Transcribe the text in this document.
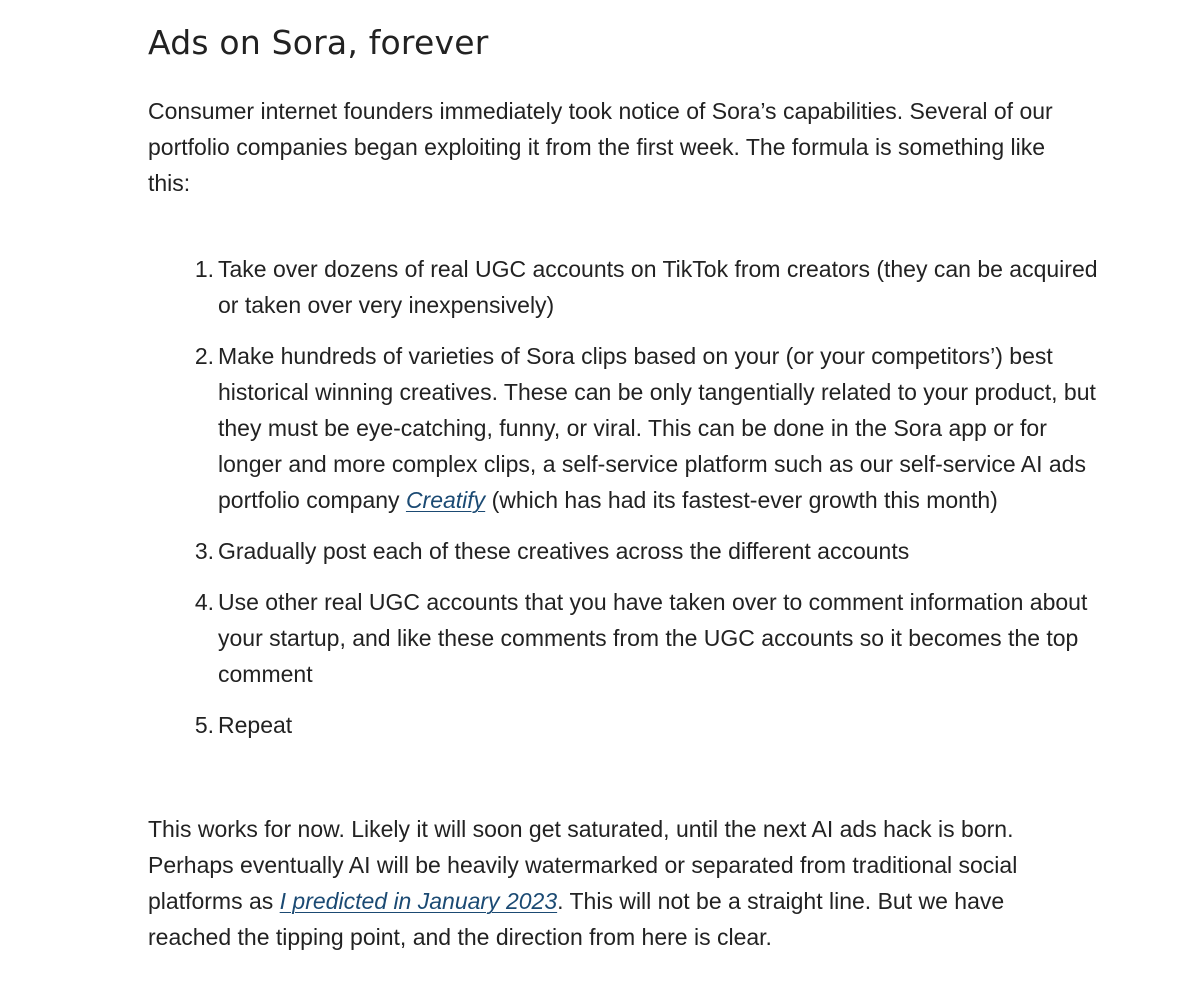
Ads on Sora, forever

Consumer internet founders immediately took notice of Sora’s capabilities. Several of our portfolio companies began exploiting it from the first week. The formula is something like this:

1. Take over dozens of real UGC accounts on TikTok from creators (they can be acquired or taken over very inexpensively)
2. Make hundreds of varieties of Sora clips based on your (or your competitors’) best historical winning creatives. These can be only tangentially related to your product, but they must be eye-catching, funny, or viral. This can be done in the Sora app or for longer and more complex clips, a self-service platform such as our self-service AI ads portfolio company Creatify (which has had its fastest-ever growth this month)
3. Gradually post each of these creatives across the different accounts
4. Use other real UGC accounts that you have taken over to comment information about your startup, and like these comments from the UGC accounts so it becomes the top comment
5. Repeat

This works for now. Likely it will soon get saturated, until the next AI ads hack is born. Perhaps eventually AI will be heavily watermarked or separated from traditional social platforms as I predicted in January 2023. This will not be a straight line. But we have reached the tipping point, and the direction from here is clear.
